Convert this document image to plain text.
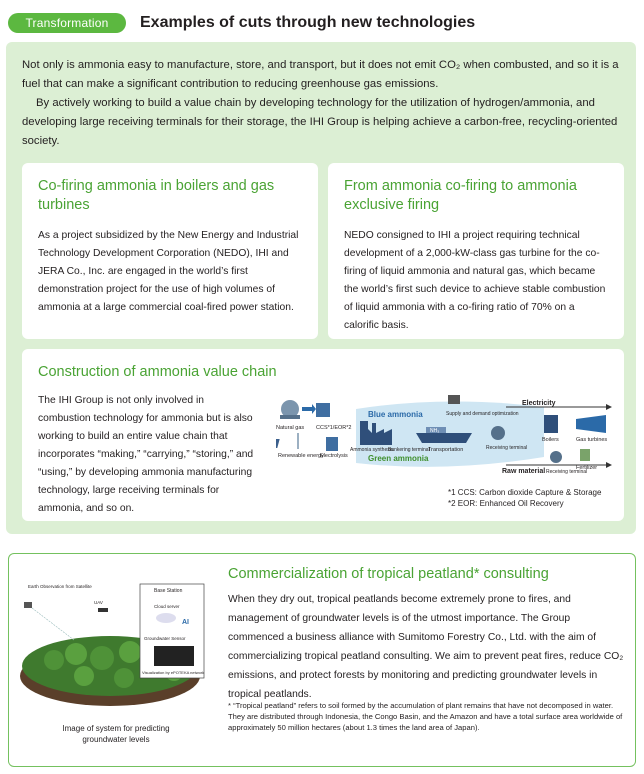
Transformation	Examples of cuts through new technologies

Not only is ammonia easy to manufacture, store, and transport, but it does not emit CO₂ when combusted, and so it is a fuel that can make a significant contribution to reducing greenhouse gas emissions.

By actively working to build a value chain by developing technology for the utilization of hydrogen/ammonia, and developing large receiving terminals for their storage, the IHI Group is helping achieve a carbon-free, recycling-oriented society.

Co-firing ammonia in boilers and gas turbines

As a project subsidized by the New Energy and Industrial Technology Development Corporation (NEDO), IHI and JERA Co., Inc. are engaged in the world’s first demonstration project for the use of high volumes of ammonia at a large commercial coal-fired power station.

From ammonia co-firing to ammonia exclusive firing

NEDO consigned to IHI a project requiring technical development of a 2,000-kW-class gas turbine for the co-firing of liquid ammonia and natural gas, which became the world’s first such device to achieve stable combustion of liquid ammonia with a co-firing ratio of 70% on a calorific basis.

Construction of ammonia value chain

The IHI Group is not only involved in combustion technology for ammonia but is also working to build an entire value chain that incorporates “making,” “carrying,” “storing,” and “using,” by developing ammonia manufacturing technology, large receiving terminals for ammonia, and so on.

Electricity
Raw material
Natural gas CCS*1/EOR*2
Renewable energy
Electrolysis
Ammonia synthesis
Bunkering terminal
Blue ammonia
Green ammonia
Supply and demand optimization
NH₃
Transportation	Receiving terminal
Boilers	Gas turbines
Receiving terminal
Fertilizer
*1 CCS: Carbon dioxide Capture & Storage
*2 EOR: Enhanced Oil Recovery
Earth Observation from Satellite
UAV
Base Station
Cloud server
AI
Groundwater Sensor
Visualization by ePOTEKA network
Commercialization of tropical peatland* consulting
When they dry out, tropical peatlands become extremely prone to fires, and management of groundwater levels is of the utmost importance. The Group commenced a business alliance with Sumitomo Forestry Co., Ltd. with the aim of commercializing tropical peatland consulting. We aim to prevent peat fires, reduce CO₂ emissions, and protect forests by monitoring and predicting groundwater levels in tropical peatlands.
* “Tropical peatland” refers to soil formed by the accumulation of plant remains that have not decomposed in water. They are distributed through Indonesia, the Congo Basin, and the Amazon and have a total surface area worldwide of approximately 50 million hectares (about 1.3 times the land area of Japan).
Image of system for predicting groundwater levels
